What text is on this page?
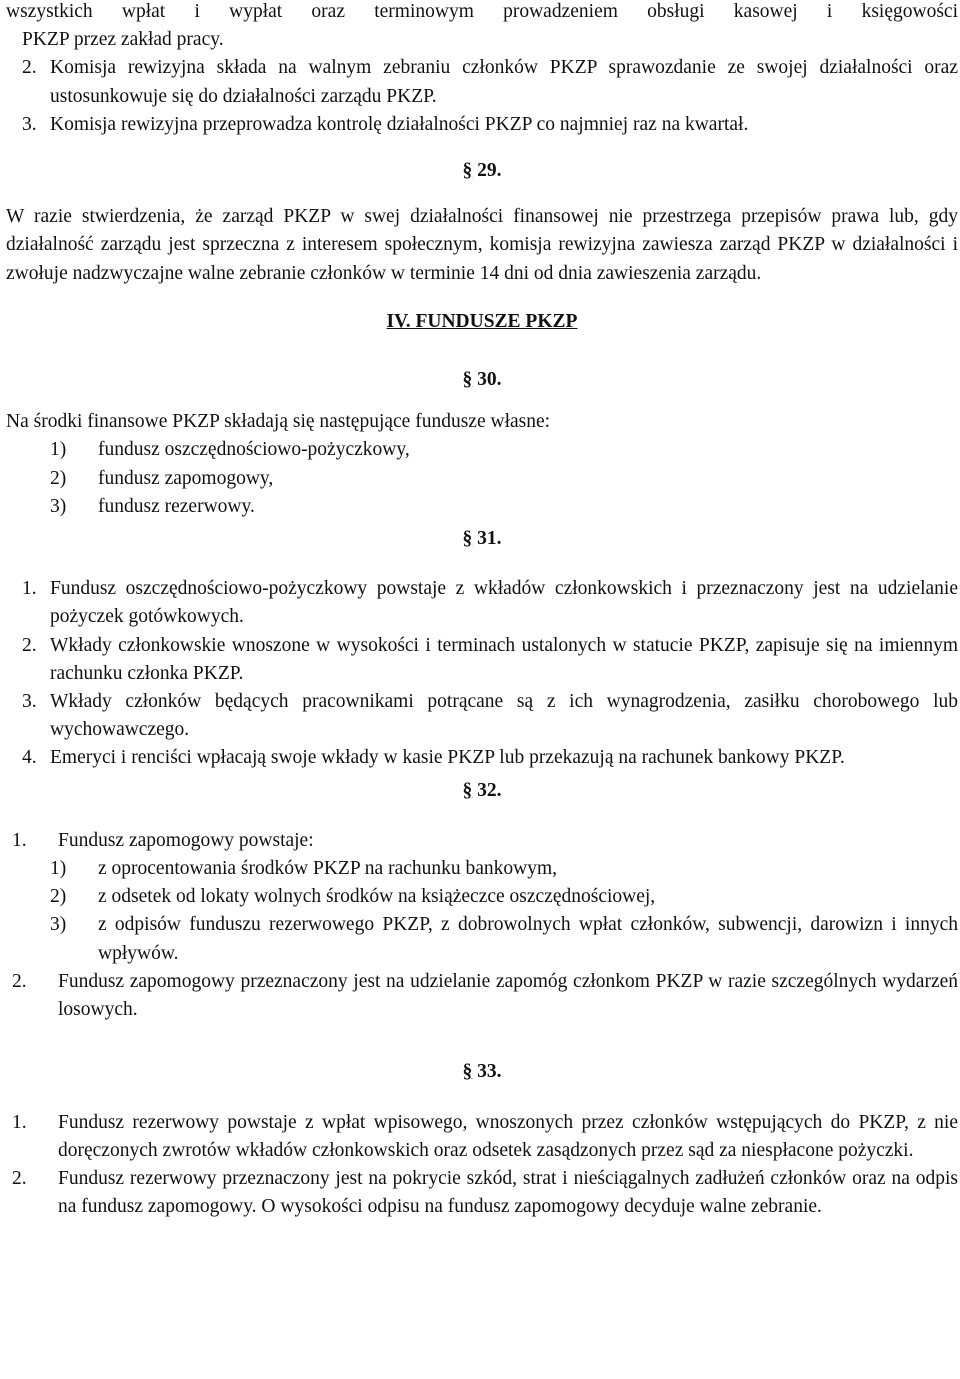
wszystkich wpłat i wypłat oraz terminowym prowadzeniem obsługi kasowej i księgowości

PKZP przez zakład pracy.

2. Komisja rewizyjna składa na walnym zebraniu członków PKZP sprawozdanie ze swojej działalności oraz ustosunkowuje się do działalności zarządu PKZP.
3. Komisja rewizyjna przeprowadza kontrolę działalności PKZP co najmniej raz na kwartał.

§ 29.

W razie stwierdzenia, że zarząd PKZP w swej działalności finansowej nie przestrzega przepisów prawa lub, gdy działalność zarządu jest sprzeczna z interesem społecznym, komisja rewizyjna zawiesza zarząd PKZP w działalności i zwołuje nadzwyczajne walne zebranie członków w terminie 14 dni od dnia zawieszenia zarządu.

IV. FUNDUSZE PKZP

§ 30.

Na środki finansowe PKZP składają się następujące fundusze własne:

1)	fundusz oszczędnościowo-pożyczkowy,
2)	fundusz zapomogowy,
3)	fundusz rezerwowy.

§ 31.

1. Fundusz oszczędnościowo-pożyczkowy powstaje z wkładów członkowskich i przeznaczony jest na udzielanie pożyczek gotówkowych.
2. Wkłady członkowskie wnoszone w wysokości i terminach ustalonych w statucie PKZP, zapisuje się na imiennym rachunku członka PKZP.
3. Wkłady członków będących pracownikami potrącane są z ich wynagrodzenia, zasiłku chorobowego lub wychowawczego.
4. Emeryci i renciści wpłacają swoje wkłady w kasie PKZP lub przekazują na rachunek bankowy PKZP.

§ 32.

1.	Fundusz zapomogowy powstaje:
1)	z oprocentowania środków PKZP na rachunku bankowym,
2)	z odsetek od lokaty wolnych środków na książeczce oszczędnościowej,
3)	z odpisów funduszu rezerwowego PKZP, z dobrowolnych wpłat członków, subwencji, darowizn i innych wpływów.
2.	Fundusz zapomogowy przeznaczony jest na udzielanie zapomóg członkom PKZP w razie szczególnych wydarzeń losowych.

§ 33.

1.	Fundusz rezerwowy powstaje z wpłat wpisowego, wnoszonych przez członków wstępujących do PKZP, z nie doręczonych zwrotów wkładów członkowskich oraz odsetek zasądzonych przez sąd za niespłacone pożyczki.
2.	Fundusz rezerwowy przeznaczony jest na pokrycie szkód, strat i nieściągalnych zadłużeń członków oraz na odpis na fundusz zapomogowy. O wysokości odpisu na fundusz zapomogowy decyduje walne zebranie.
